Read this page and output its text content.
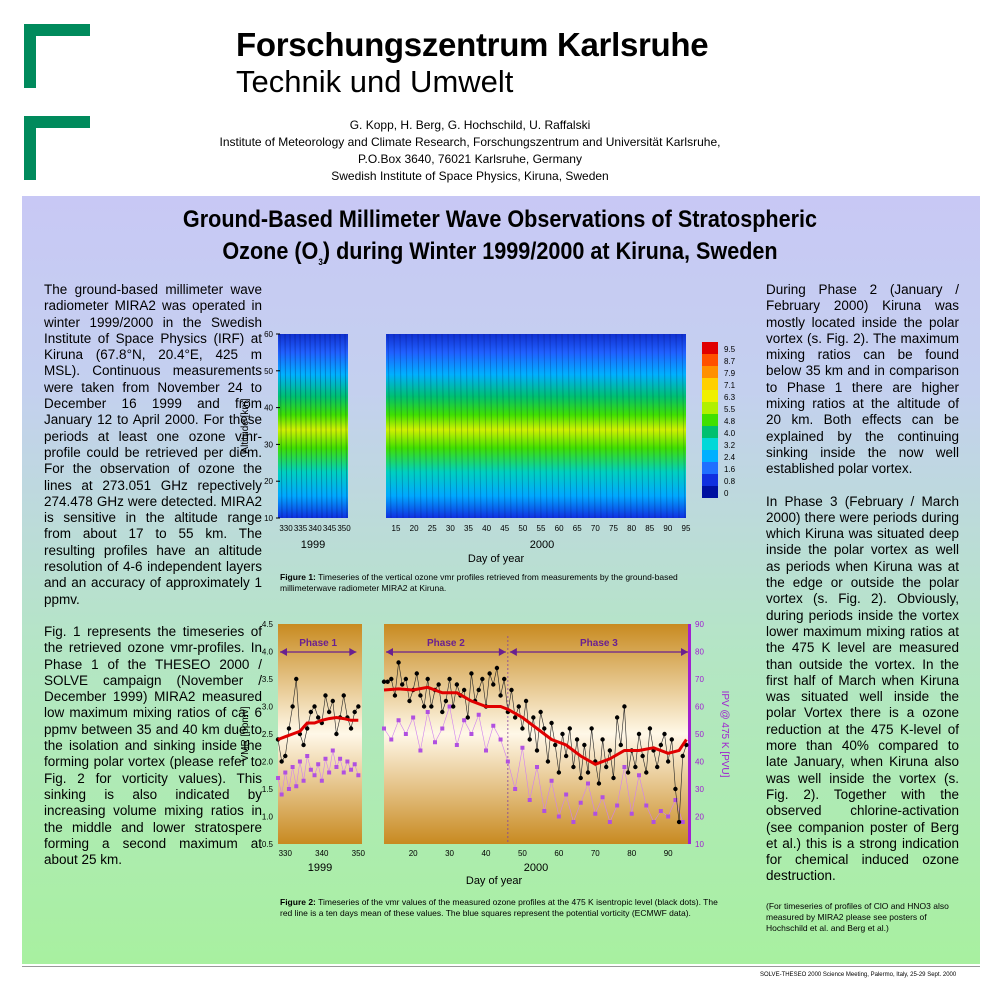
Forschungszentrum Karlsruhe
Technik und Umwelt
G. Kopp, H. Berg, G. Hochschild, U. Raffalski
Institute of Meteorology and Climate Research, Forschungszentrum and Universität Karlsruhe,
P.O.Box 3640, 76021 Karlsruhe, Germany
Swedish Institute of Space Physics, Kiruna, Sweden
Ground-Based Millimeter Wave Observations of Stratospheric
Ozone $(O_3)$ during Winter 1999/2000 at Kiruna, Sweden

The ground-based millimeter wave radiometer MIRA2 was operated in winter 1999/2000 in the Swedish Institute of Space Physics (IRF) at Kiruna (67.8°N, 20.4°E, 425 m MSL). Continuous measurements were taken from November 24 to December 16 1999 and from January 12 to April 2000. For these periods at least one ozone vmr-profile could be retrieved per diem. For the observation of ozone the lines at 273.051 GHz repectively 274.478 GHz were detected. MIRA2 is sensitive in the altitude range from about 17 to 55 km. The resulting profiles have an altitude resolution of 4-6 independent layers and an accuracy of approximately 1 ppmv.

Fig. 1 represents the timeseries of the retrieved ozone vmr-profiles. In Phase 1 of the THESEO 2000 / SOLVE campaign (November / December 1999) MIRA2 measured low maximum mixing ratios of ca. 6 ppmv between 35 and 40 km due to the isolation and sinking inside the forming polar vortex (please refer to Fig. 2 for vorticity values). This sinking is also indicated by increasing volume mixing ratios in the middle and lower stratospere forming a second maximum at about 25 km.

During Phase 2 (January / February 2000) Kiruna was mostly located inside the polar vortex (s. Fig. 2). The maximum mixing ratios can be found below 35 km and in comparison to Phase 1 there are higher mixing ratios at the altitude of 20 km. Both effects can be explained by the continuing sinking inside the now well established polar vortex.

In Phase 3 (February / March 2000) there were periods during which Kiruna was situated deep inside the polar vortex as well as periods when Kiruna was at the edge or outside the polar vortex (s. Fig. 2). Obviously, during periods inside the vortex lower maximum mixing ratios at the 475 K level are measured than outside the vortex. In the first half of March when Kiruna was situated well inside the polar Vortex there is a ozone reduction at the 475 K-level of more than 40% compared to late January, when Kiruna also was well inside the vortex (s. Fig. 2). Together with the observed chlorine-activation (see companion poster of Berg et al.) this is a strong indication for chemical induced ozone destruction.

(For timeseries of profiles of ClO and HNO3 also measured by MIRA2 please see posters of Hochschild et al. and Berg et al.)
10
20
30
40
50
60
330 335 340 345 350	15 20 25 30 35 40 45 50 55 60 65 70 75 80 85 90 95
Altitude [km]
1999	2000
Day of year
9.5
8.7
7.9
7.1
6.3
5.5
4.8
4.0
3.2
2.4
1.6
0.8
0
Figure 1: Timeseries of the vertical ozone vmr profiles retrieved from measurements by the ground-based millimeterwave radiometer MIRA2 at Kiruna.
0.5
1.0
1.5
2.0
2.5
3.0
3.5
4.0
4.5
10
20
30
40
50
60
70
80
90
330	340	350	20	30	40	50	60	70	80	90
Phase 1	Phase 2	Phase 3
VMR [ppmv]	IPV @ 475 K [PVU]
1999	2000
Day of year
Figure 2: Timeseries of the vmr values of the measured ozone profiles at the 475 K isentropic level (black dots). The red line is a ten days mean of these values. The blue squares represent the potential vorticity (ECMWF data).
SOLVE-THESEO 2000 Science Meeting, Palermo, Italy, 25-29 Sept. 2000
